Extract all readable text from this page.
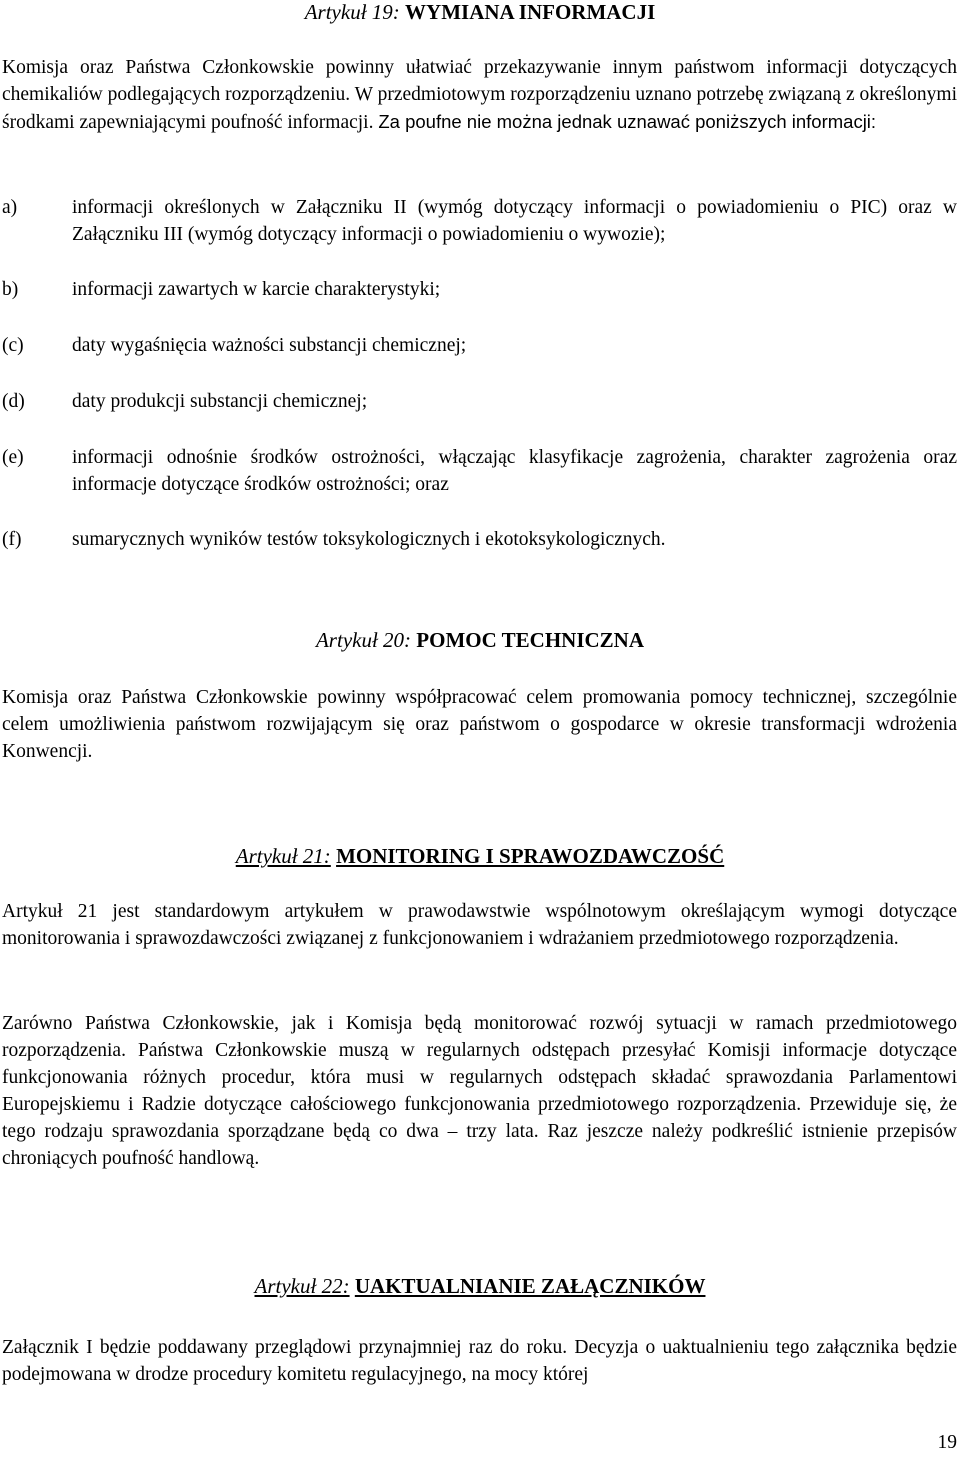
Artykuł 19: WYMIANA INFORMACJI

Komisja oraz Państwa Członkowskie powinny ułatwiać przekazywanie innym państwom informacji dotyczących chemikaliów podlegających rozporządzeniu. W przedmiotowym rozporządzeniu uznano potrzebę związaną z określonymi środkami zapewniającymi poufność informacji. Za poufne nie można jednak uznawać poniższych informacji:

a)	informacji określonych w Załączniku II (wymóg dotyczący informacji o powiadomieniu o PIC) oraz w Załączniku III (wymóg dotyczący informacji o powiadomieniu o wywozie);
b)	informacji zawartych w karcie charakterystyki;
(c) daty wygaśnięcia ważności substancji chemicznej;
(d) daty produkcji substancji chemicznej;
(e) informacji odnośnie środków ostrożności, włączając klasyfikacje zagrożenia, charakter zagrożenia oraz informacje dotyczące środków ostrożności; oraz
(f)	sumarycznych wyników testów toksykologicznych i ekotoksykologicznych.
Artykuł 20: POMOC TECHNICZNA

Komisja oraz Państwa Członkowskie powinny współpracować celem promowania pomocy technicznej, szczególnie celem umożliwienia państwom rozwijającym się oraz państwom o gospodarce w okresie transformacji wdrożenia Konwencji.

Artykuł 21: MONITORING I SPRAWOZDAWCZOŚĆ

Artykuł 21 jest standardowym artykułem w prawodawstwie wspólnotowym określającym wymogi dotyczące monitorowania i sprawozdawczości związanej z funkcjonowaniem i wdrażaniem przedmiotowego rozporządzenia.

Zarówno Państwa Członkowskie, jak i Komisja będą monitorować rozwój sytuacji w ramach przedmiotowego rozporządzenia. Państwa Członkowskie muszą w regularnych odstępach przesyłać Komisji informacje dotyczące funkcjonowania różnych procedur, która musi w regularnych odstępach składać sprawozdania Parlamentowi Europejskiemu i Radzie dotyczące całościowego funkcjonowania przedmiotowego rozporządzenia. Przewiduje się, że tego rodzaju sprawozdania sporządzane będą co dwa – trzy lata. Raz jeszcze należy podkreślić istnienie przepisów chroniących poufność handlową.

Artykuł 22: UAKTUALNIANIE ZAŁĄCZNIKÓW

Załącznik I będzie poddawany przeglądowi przynajmniej raz do roku. Decyzja o uaktualnieniu tego załącznika będzie podejmowana w drodze procedury komitetu regulacyjnego, na mocy której

19
